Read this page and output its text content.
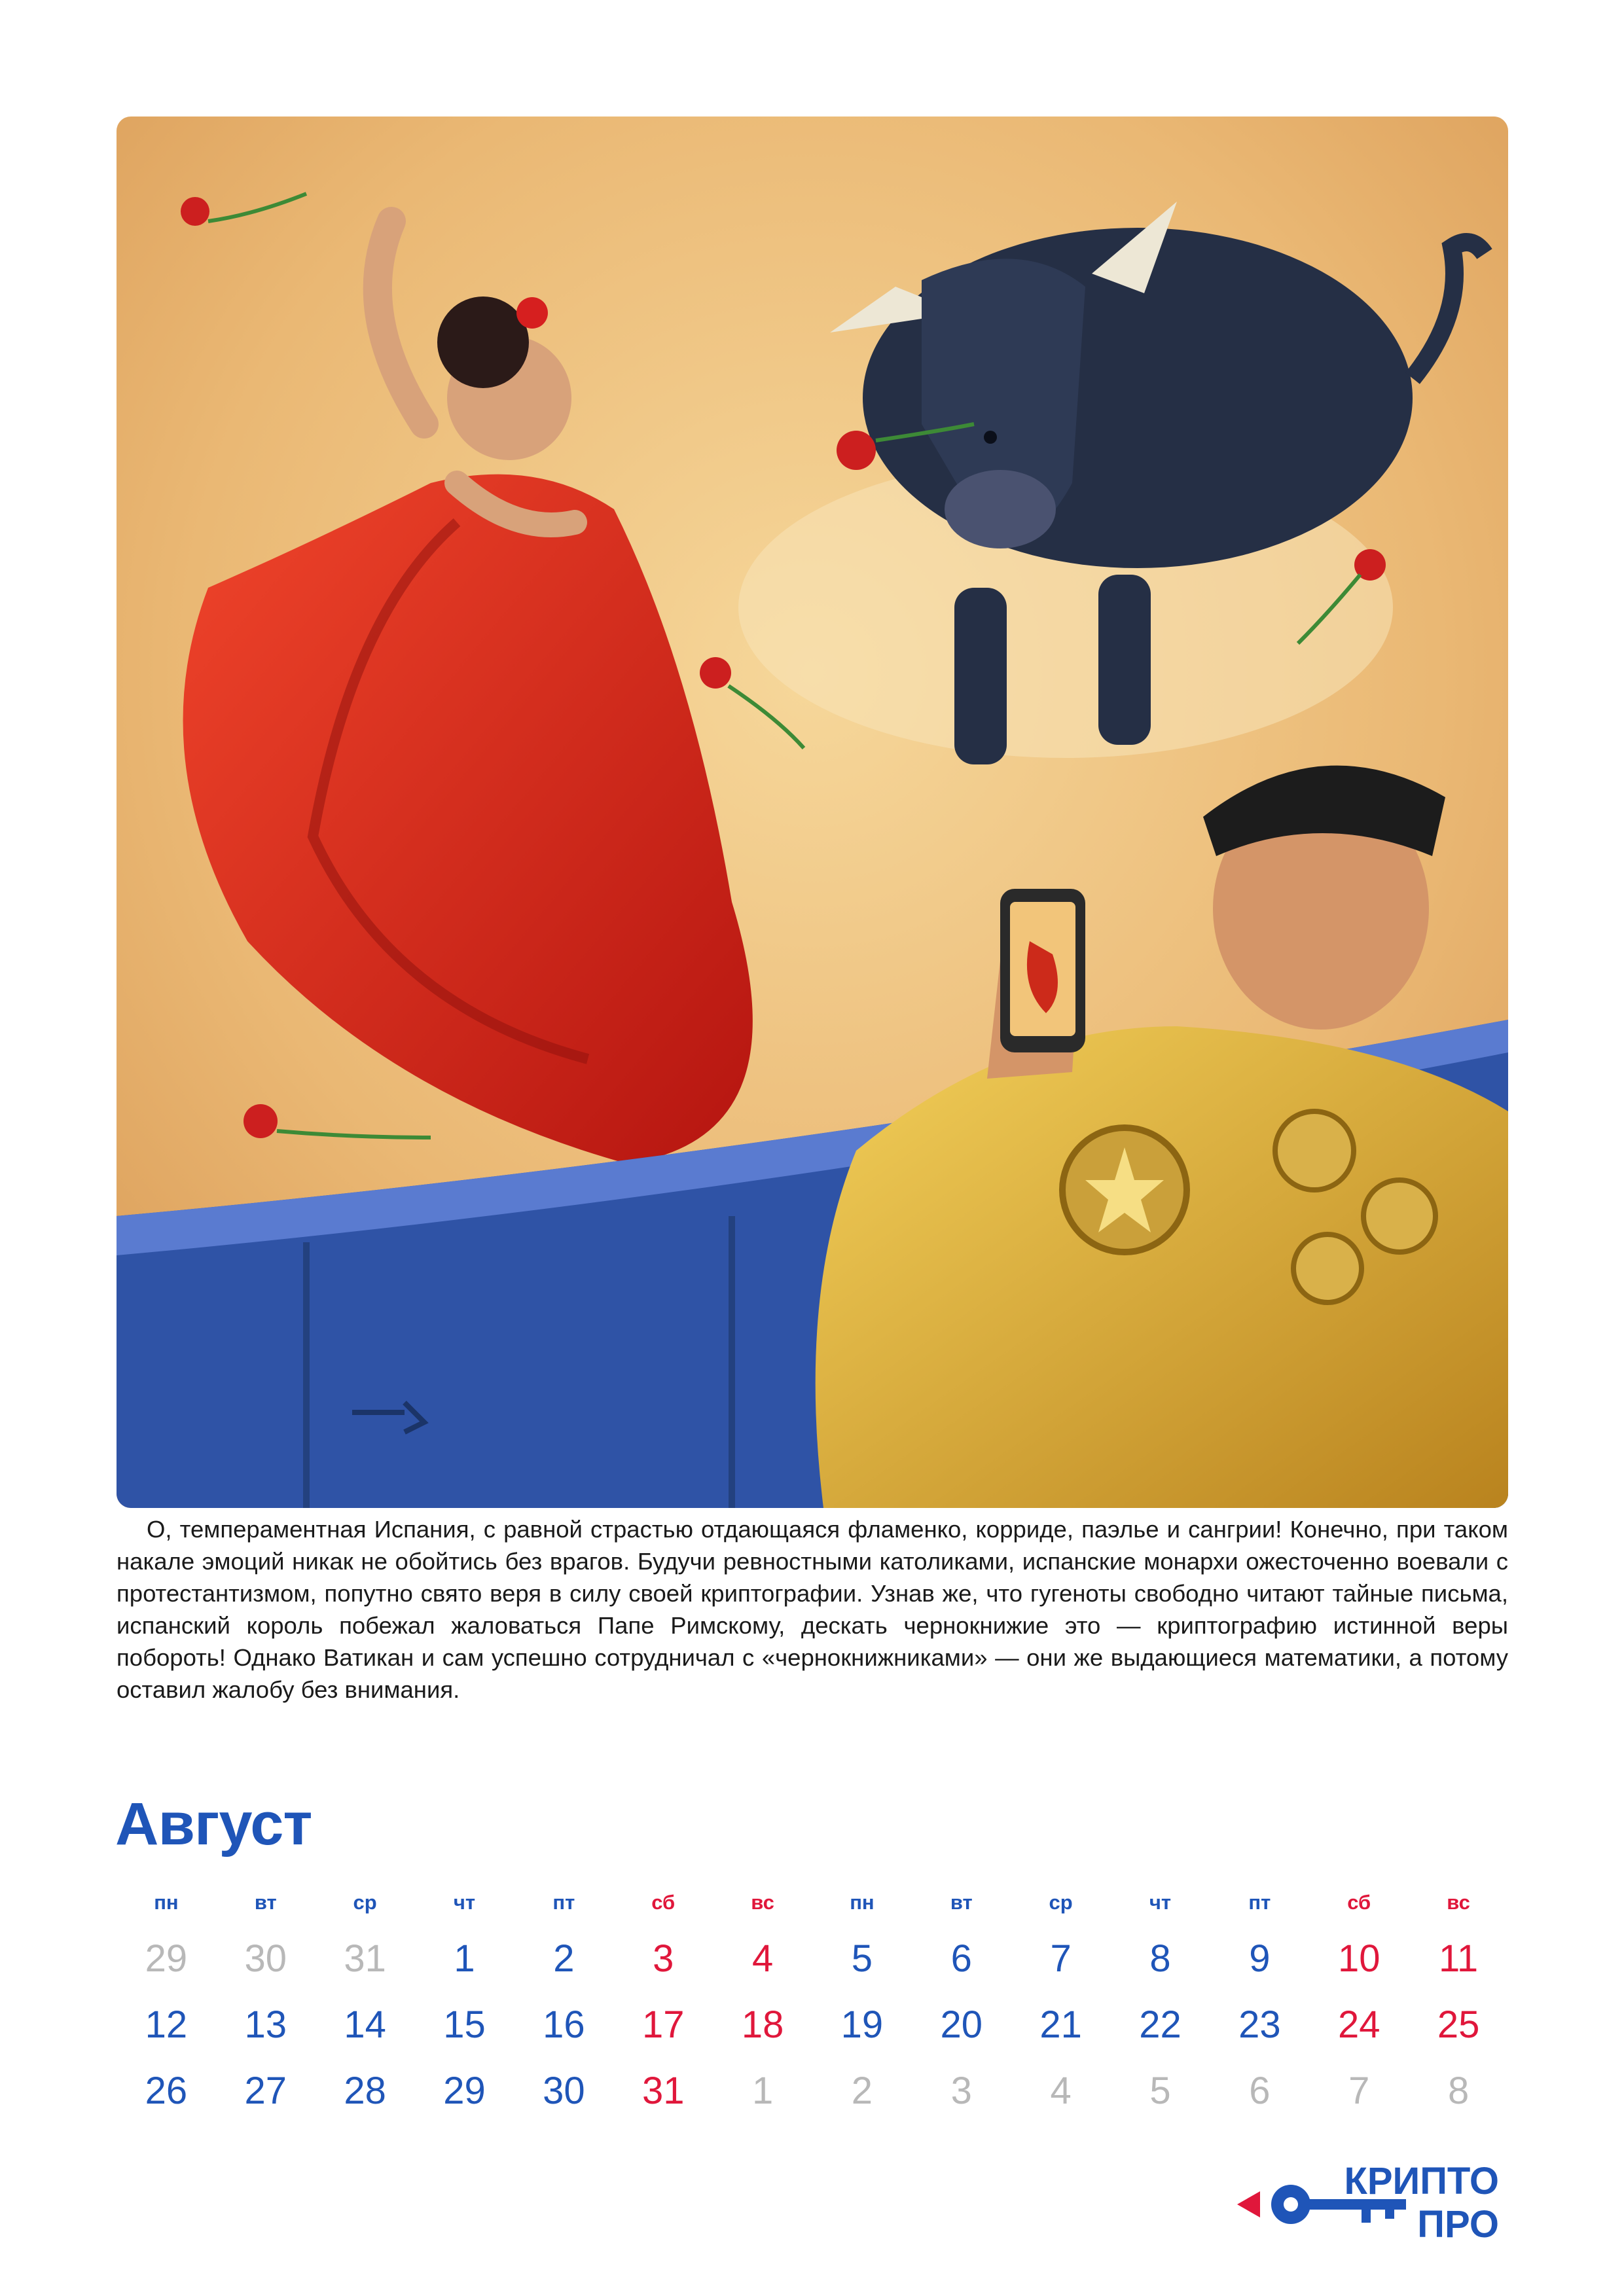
О, темпераментная Испания, с равной страстью отдающаяся фламенко, корриде, паэлье и сангрии! Конечно, при таком накале эмоций никак не обойтись без врагов. Будучи ревностными католиками, испанские монархи ожесточенно воевали с протестантизмом, попутно свято веря в силу своей криптографии. Узнав же, что гугеноты свободно читают тайные письма, испанский король побежал жаловаться Папе Римскому, дескать чернокнижие это — криптографию истинной веры побороть! Однако Ватикан и сам успешно сотрудничал с «чернокнижниками» — они же выдающиеся математики, а потому оставил жалобу без внимания.

Август
пн	вт	ср	чт	пт	сб	вс	пн	вт	ср	чт	пт	сб	вс
29	30	31	1	2	3	4	5	6	7	8	9	10	11
12	13	14	15	16	17	18	19	20	21	22	23	24	25
26	27	28	29	30	31	1	2	3	4	5	6	7	8
КРИПТО
ПРО
